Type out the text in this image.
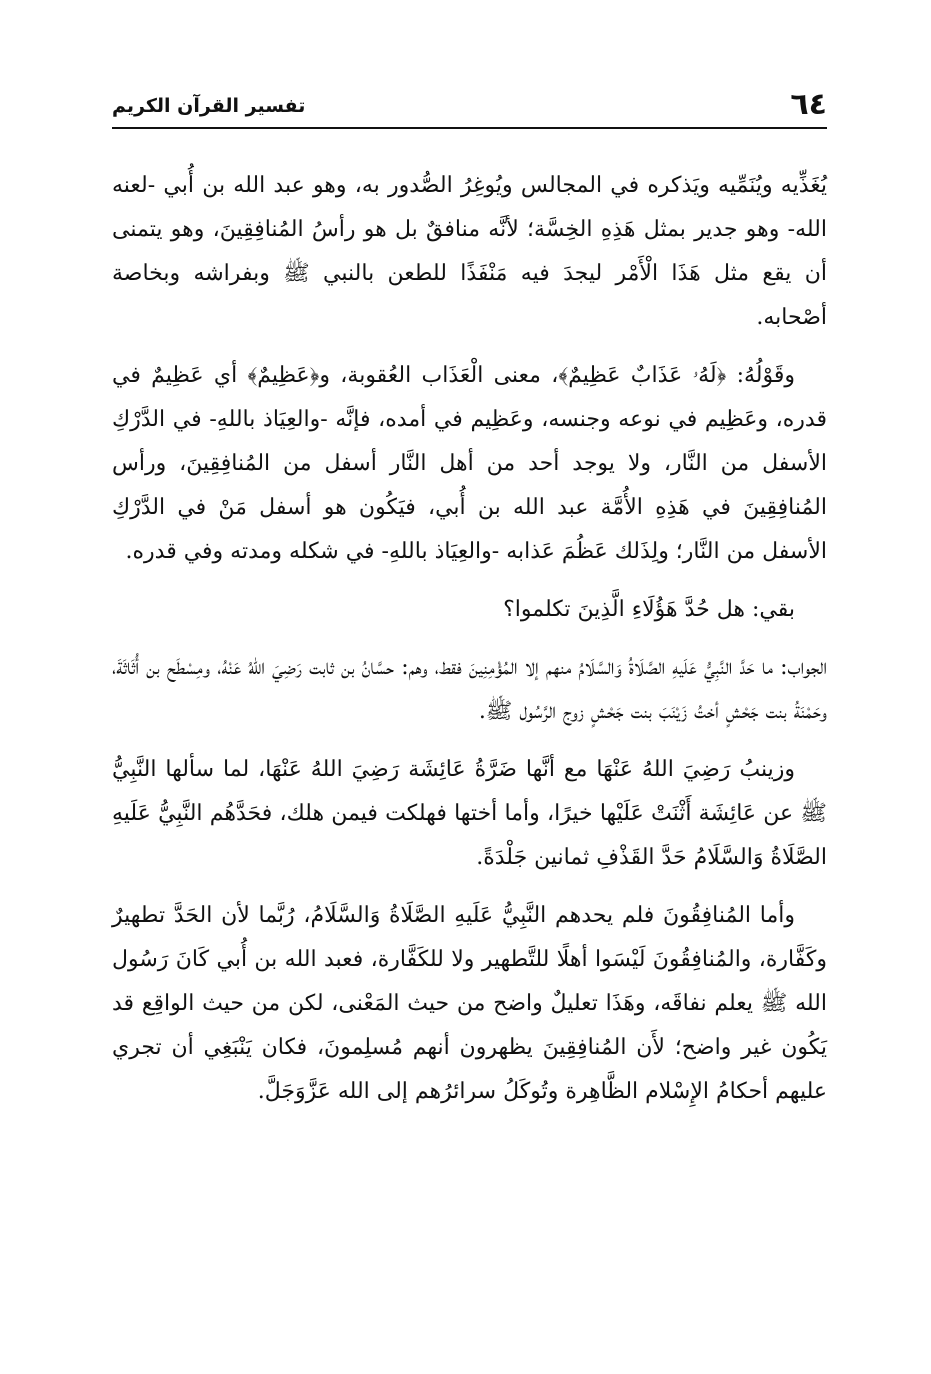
٦٤
تفسير القرآن الكريم

يُغَذِّيه ويُنَمِّيه ويَذكره في المجالس ويُوغِرُ الصُّدور به، وهو عبد الله بن أُبي -لعنه الله- وهو جدير بمثل هَذِهِ الخِسَّة؛ لأنَّه منافقٌ بل هو رأسُ المُنافِقِينَ، وهو يتمنى أن يقع مثل هَذَا الْأَمْر ليجدَ فيه مَنْفَذًا للطعن بالنبي ﷺ وبفراشه وبخاصة أصْحابه.

وقَوْلُهُ: ﴿لَهُۥ عَذَابٌ عَظِيمٌ﴾، معنى الْعَذَاب العُقوبة، و﴿عَظِيمٌ﴾ أي عَظِيمٌ في قدره، وعَظِيم في نوعه وجنسه، وعَظِيم في أمده، فإنَّه -والعِيَاذ باللهِ- في الدَّرْكِ الأسفل من النَّار، ولا يوجد أحد من أهل النَّار أسفل من المُنافِقِينَ، ورأس المُنافِقِينَ في هَذِهِ الأُمَّة عبد الله بن أُبي، فيَكُون هو أسفل مَنْ في الدَّرْكِ الأسفل من النَّار؛ ولِذَلك عَظُمَ عَذابه -والعِيَاذ باللهِ- في شكله ومدته وفي قدره.

بقي: هل حُدَّ هَؤُلَاءِ الَّذِينَ تكلموا؟

الجواب: ما حَدَّ النَّبِيُّ عَلَيهِ الصَّلَاةُ وَالسَّلَامُ منهم إلا المُؤْمِنِينَ فقط، وهم: حسَّانُ بن ثابت رَضِيَ اللهُ عَنْهُ، ومِسْطَح بن أُثَاثَةَ، وحَمْنَةُ بنت جَحْشٍ أختُ زَيْنَبَ بنت جَحْشٍ زوج الرَّسُول ﷺ.

وزينبُ رَضِيَ اللهُ عَنْهَا مع أنَّها ضَرَّةُ عَائِشَة رَضِيَ اللهُ عَنْهَا، لما سألها النَّبِيُّ ﷺ عن عَائِشَة أَثْنَتْ عَلَيْها خيرًا، وأما أختها فهلكت فيمن هلك، فحَدَّهُم النَّبِيُّ عَلَيهِ الصَّلَاةُ وَالسَّلَامُ حَدَّ القَذْفِ ثمانين جَلْدَةً.

وأما المُنافِقُونَ فلم يحدهم النَّبِيُّ عَلَيهِ الصَّلَاةُ وَالسَّلَامُ، رُبَّما لأن الحَدَّ تطهيرٌ وكَفَّارة، والمُنافِقُونَ لَيْسَوا أهلًا للتَّطهير ولا للكَفَّارة، فعبد الله بن أُبي كَانَ رَسُول الله ﷺ يعلم نفاقَه، وهَذَا تعليلٌ واضح من حيث المَعْنى، لكن من حيث الواقِع قد يَكُون غير واضح؛ لأَن المُنافِقِينَ يظهرون أنهم مُسلِمونَ، فكان يَنْبَغِي أن تجري عليهم أحكامُ الإِسْلام الظَّاهِرة وتُوكَلُ سرائرُهم إلى الله عَزَّوَجَلَّ.
